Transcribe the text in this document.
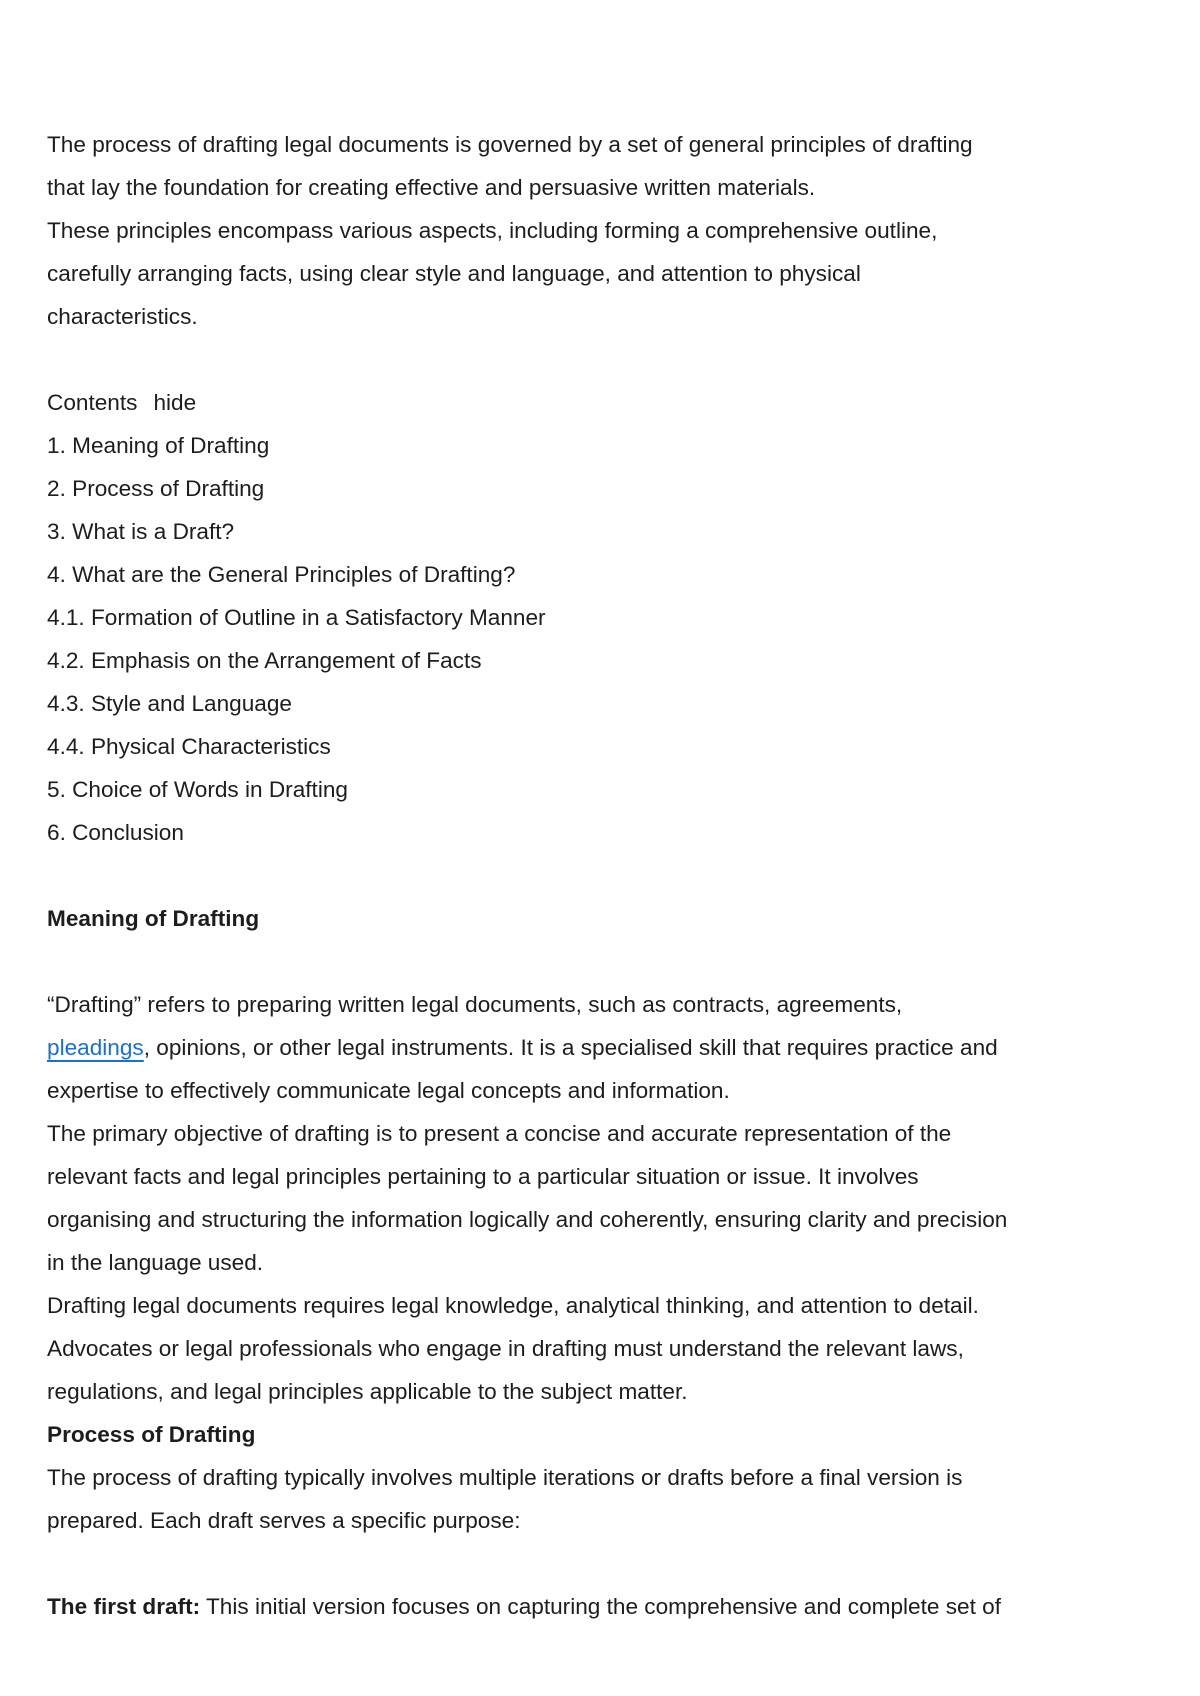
The process of drafting legal documents is governed by a set of general principles of drafting
that lay the foundation for creating effective and persuasive written materials.
These principles encompass various aspects, including forming a comprehensive outline,
carefully arranging facts, using clear style and language, and attention to physical
characteristics.
Contents hide
1. Meaning of Drafting
2. Process of Drafting
3. What is a Draft?
4. What are the General Principles of Drafting?
4.1. Formation of Outline in a Satisfactory Manner
4.2. Emphasis on the Arrangement of Facts
4.3. Style and Language
4.4. Physical Characteristics
5. Choice of Words in Drafting
6. Conclusion
Meaning of Drafting
“Drafting” refers to preparing written legal documents, such as contracts, agreements,
pleadings, opinions, or other legal instruments. It is a specialised skill that requires practice and
expertise to effectively communicate legal concepts and information.
The primary objective of drafting is to present a concise and accurate representation of the
relevant facts and legal principles pertaining to a particular situation or issue. It involves
organising and structuring the information logically and coherently, ensuring clarity and precision
in the language used.
Drafting legal documents requires legal knowledge, analytical thinking, and attention to detail.
Advocates or legal professionals who engage in drafting must understand the relevant laws,
regulations, and legal principles applicable to the subject matter.
Process of Drafting
The process of drafting typically involves multiple iterations or drafts before a final version is
prepared. Each draft serves a specific purpose:
The first draft: This initial version focuses on capturing the comprehensive and complete set of
